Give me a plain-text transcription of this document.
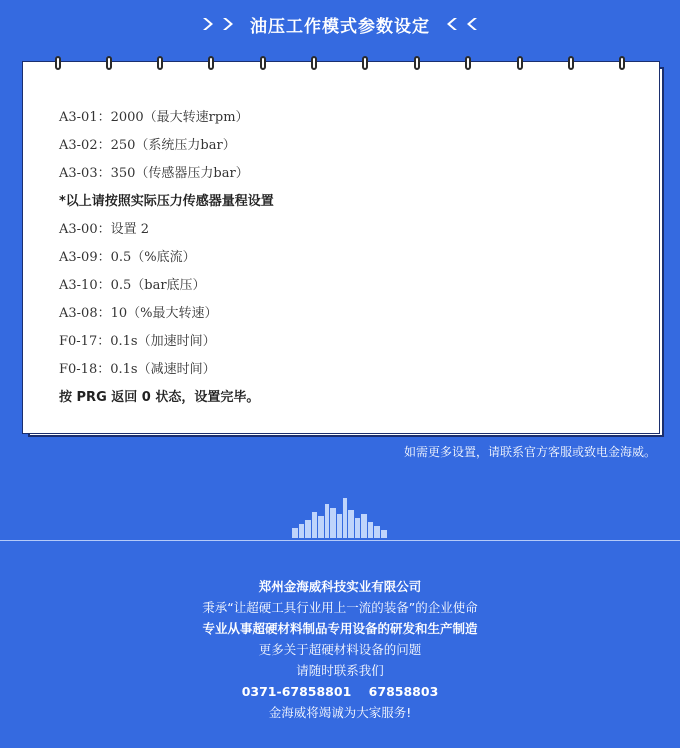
油压工作模式参数设定
A3-01：2000（最大转速rpm）
A3-02：250（系统压力bar）
A3-03：350（传感器压力bar）
*以上请按照实际压力传感器量程设置
A3-00：设置 2
A3-09：0.5（%底流）
A3-10：0.5（bar底压）
A3-08：10（%最大转速）
F0-17：0.1s（加速时间）
F0-18：0.1s（减速时间）
按 PRG 返回 0 状态，设置完毕。
如需更多设置，请联系官方客服或致电金海威。
郑州金海威科技实业有限公司
秉承“让超硬工具行业用上一流的装备”的企业使命
专业从事超硬材料制品专用设备的研发和生产制造
更多关于超硬材料设备的问题
请随时联系我们
0371-67858801    67858803
金海威将竭诚为大家服务!
